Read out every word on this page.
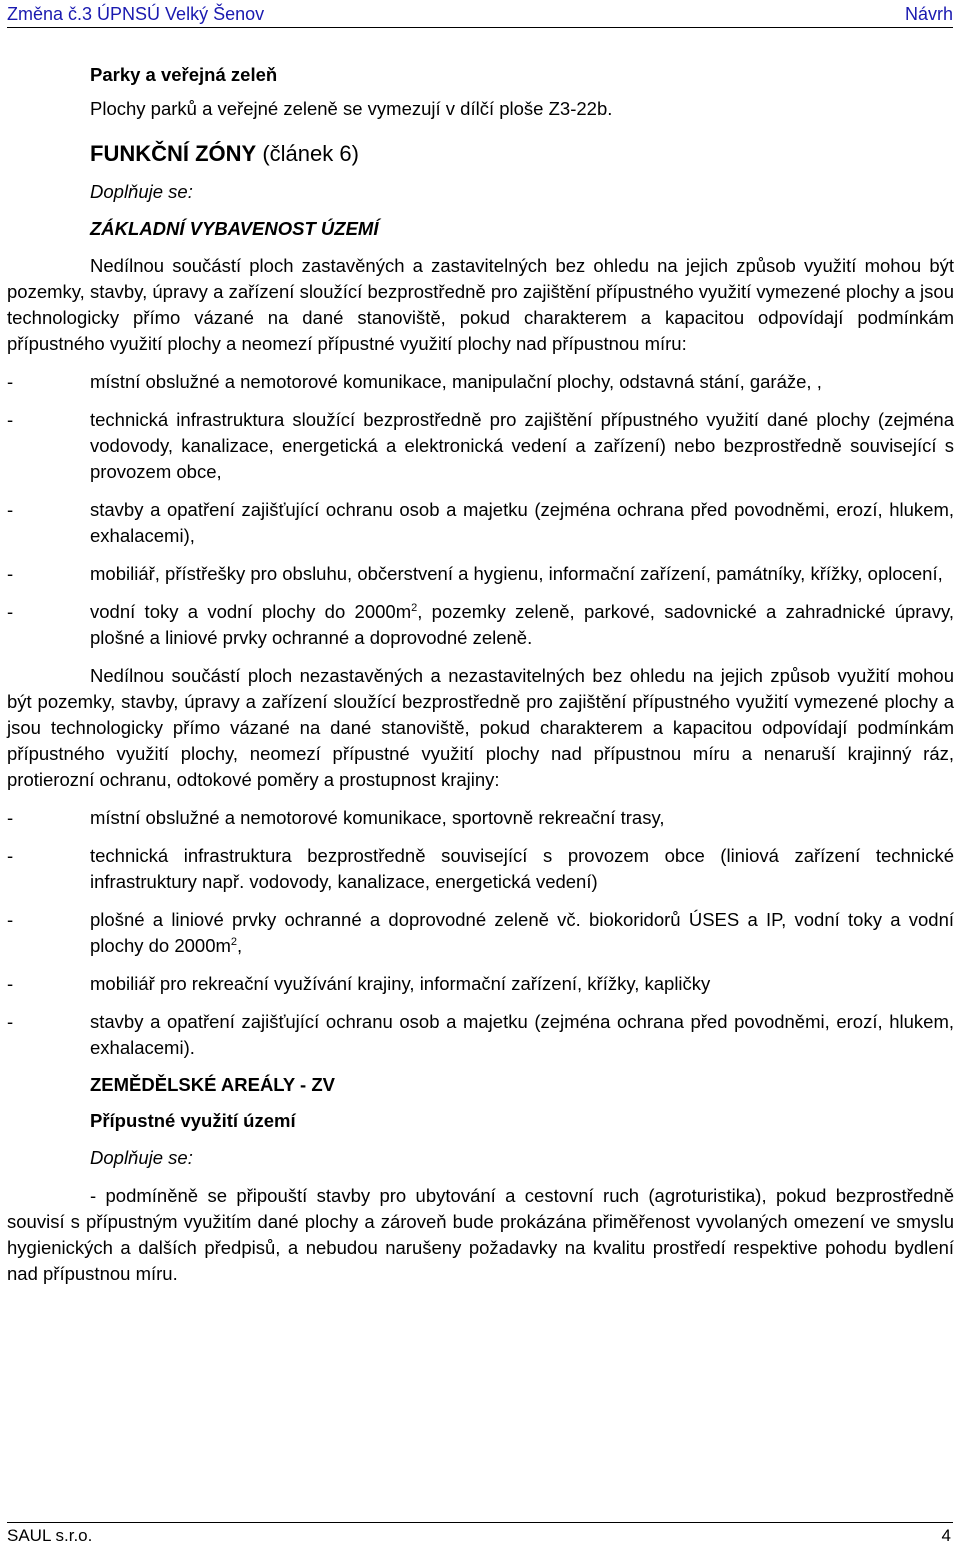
Změna č.3 ÚPNSÚ Velký Šenov	Návrh

Parky a veřejná zeleň

Plochy parků a veřejné zeleně se vymezují v dílčí ploše Z3-22b.

FUNKČNÍ ZÓNY (článek 6)

Doplňuje se:

ZÁKLADNÍ VYBAVENOST ÚZEMÍ

Nedílnou součástí ploch zastavěných a zastavitelných bez ohledu na jejich způsob využití mohou být pozemky, stavby, úpravy a zařízení sloužící bezprostředně pro zajištění přípustného využití vymezené plochy a jsou technologicky přímo vázané na dané stanoviště, pokud charakterem a kapacitou odpovídají podmínkám přípustného využití plochy a neomezí přípustné využití plochy nad přípustnou míru:

-	místní obslužné a nemotorové komunikace, manipulační plochy, odstavná stání, garáže, ,
-	technická infrastruktura sloužící bezprostředně pro zajištění přípustného využití dané plochy (zejména vodovody, kanalizace, energetická a elektronická vedení a zařízení) nebo bezprostředně související s provozem obce,
-	stavby a opatření zajišťující ochranu osob a majetku (zejména ochrana před povodněmi, erozí, hlukem, exhalacemi),
-	mobiliář, přístřešky pro obsluhu, občerstvení a hygienu, informační zařízení, památníky, křížky, oplocení,
-	vodní toky a vodní plochy do $2000m^2$, pozemky zeleně, parkové, sadovnické a zahradnické úpravy, plošné a liniové prvky ochranné a doprovodné zeleně.

Nedílnou součástí ploch nezastavěných a nezastavitelných bez ohledu na jejich způsob využití mohou být pozemky, stavby, úpravy a zařízení sloužící bezprostředně pro zajištění přípustného využití vymezené plochy a jsou technologicky přímo vázané na dané stanoviště, pokud charakterem a kapacitou odpovídají podmínkám přípustného využití plochy, neomezí přípustné využití plochy nad přípustnou míru a nenaruší krajinný ráz, protierozní ochranu, odtokové poměry a prostupnost krajiny:

-	místní obslužné a nemotorové komunikace, sportovně rekreační trasy,
-	technická infrastruktura bezprostředně související s provozem obce (liniová zařízení technické infrastruktury např. vodovody, kanalizace, energetická vedení)
-	plošné a liniové prvky ochranné a doprovodné zeleně vč. biokoridorů ÚSES a IP, vodní toky a vodní plochy do $2000m^2$,
-	mobiliář pro rekreační využívání krajiny, informační zařízení, křížky, kapličky
-	stavby a opatření zajišťující ochranu osob a majetku (zejména ochrana před povodněmi, erozí, hlukem, exhalacemi).

ZEMĚDĚLSKÉ AREÁLY - ZV

Přípustné využití území

Doplňuje se:

- podmíněně se připouští stavby pro ubytování a cestovní ruch (agroturistika), pokud bezprostředně souvisí s přípustným využitím dané plochy a zároveň bude prokázána přiměřenost vyvolaných omezení ve smyslu hygienických a dalších předpisů, a nebudou narušeny požadavky na kvalitu prostředí respektive pohodu bydlení nad přípustnou míru.

SAUL s.r.o.	4
